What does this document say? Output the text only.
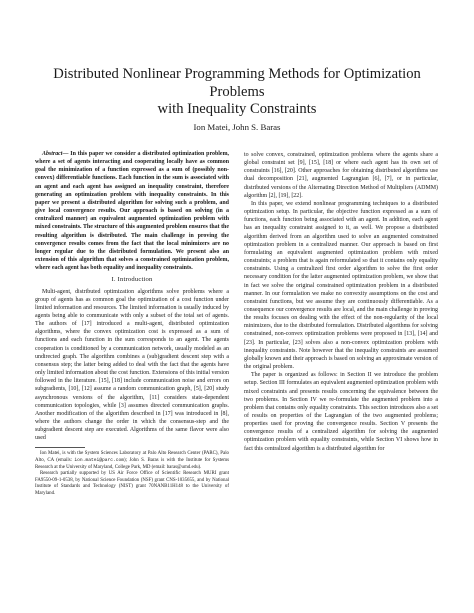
Distributed Nonlinear Programming Methods for Optimization Problems
with Inequality Constraints
Ion Matei, John S. Baras

Abstract— In this paper we consider a distributed optimization problem, where a set of agents interacting and cooperating locally have as common goal the minimization of a function expressed as a sum of (possibly non-convex) differentiable functions. Each function in the sum is associated with an agent and each agent has assigned an inequality constraint, therefore generating an optimization problem with inequality constraints. In this paper we present a distributed algorithm for solving such a problem, and give local convergence results. Our approach is based on solving (in a centralized manner) an equivalent augmented optimization problem with mixed constraints. The structure of this augmented problem ensures that the resulting algorithm is distributed. The main challenge in proving the convergence results comes from the fact that the local minimizers are no longer regular due to the distributed formulation. We present also an extension of this algorithm that solves a constrained optimization problem, where each agent has both equality and inequality constraints.

I. Introduction

Multi-agent, distributed optimization algorithms solve problems where a group of agents has as common goal the optimization of a cost function under limited information and resources. The limited information is usually induced by agents being able to communicate with only a subset of the total set of agents. The authors of [17] introduced a multi-agent, distributed optimization algorithms, where the convex optimization cost is expressed as a sum of functions and each function in the sum corresponds to an agent. The agents cooperation is conditioned by a communication network, usually modeled as an undirected graph. The algorithm combines a (sub)gradient descent step with a consensus step; the latter being added to deal with the fact that the agents have only limited information about the cost function. Extensions of this initial version followed in the literature. [15], [18] include communication noise and errors on subgradients, [10], [12] assume a random communication graph, [5], [20] study asynchronous versions of the algorithm, [11] considers state-dependent communication topologies, while [3] assumes directed communication graphs. Another modification of the algorithm described in [17] was introduced in [8], where the authors change the order in which the consensus-step and the subgradient descent step are executed. Algorithms of the same flavor were also used

Ion Matei, is with the System Sciences Laboratory at Palo Alto Research Center (PARC), Palo Alto, CA (emails: ion.matei@parc.com); John S. Baras is with the Institute for Systems Research at the University of Maryland, College Park, MD (email: baras@umd.edu).

Research partially supported by US Air Force Office of Scientific Research MURI grant FA9550-09-1-0538, by National Science Foundation (NSF) grant CNS-1035655, and by National Institute of Standards and Technology (NIST) grant 70NANB11H148 to the University of Maryland.

to solve convex, constrained, optimization problems where the agents share a global constraint set [9], [15], [18] or where each agent has its own set of constraints [16], [20]. Other approaches for obtaining distributed algorithms use dual decomposition [21], augmented Lagrangian [6], [7], or in particular, distributed versions of the Alternating Direction Method of Multipliers (ADMM) algorithm [2], [19], [22].

In this paper, we extend nonlinear programming techniques to a distributed optimization setup. In particular, the objective function expressed as a sum of functions, each function being associated with an agent. In addition, each agent has an inequality constraint assigned to it, as well. We propose a distributed algorithm derived from an algorithm used to solve an augmented constrained optimization problem in a centralized manner. Our approach is based on first formulating an equivalent augmented optimization problem with mixed constraints; a problem that is again reformulated so that it contains only equality constraints. Using a centralized first order algorithm to solve the first order necessary condition for the latter augmented optimization problem, we show that in fact we solve the original constrained optimization problem in a distributed manner. In our formulation we make no convexity assumptions on the cost and constraint functions, but we assume they are continuously differentiable. As a consequence our convergence results are local, and the main challenge in proving the results focuses on dealing with the effect of the non-regularity of the local minimizers, due to the distributed formulation. Distributed algorithms for solving constrained, non-convex optimization problems were proposed in [13], [14] and [23]. In particular, [23] solves also a non-convex optimization problem with inequality constraints. Note however that the inequality constraints are assumed globally known and their approach is based on solving an approximate version of the original problem.

The paper is organized as follows: in Section II we introduce the problem setup. Section III formulates an equivalent augmented optimization problem with mixed constraints and presents results concerning the equivalence between the two problems. In Section IV we re-formulate the augmented problem into a problem that contains only equality constraints. This section introduces also a set of results on properties of the Lagrangian of the two augmented problems; properties used for proving the convergence results. Section V presents the convergence results of a centralized algorithm for solving the augmented optimization problem with equality constraints, while Section VI shows how in fact this centralized algorithm is a distributed algorithm for
